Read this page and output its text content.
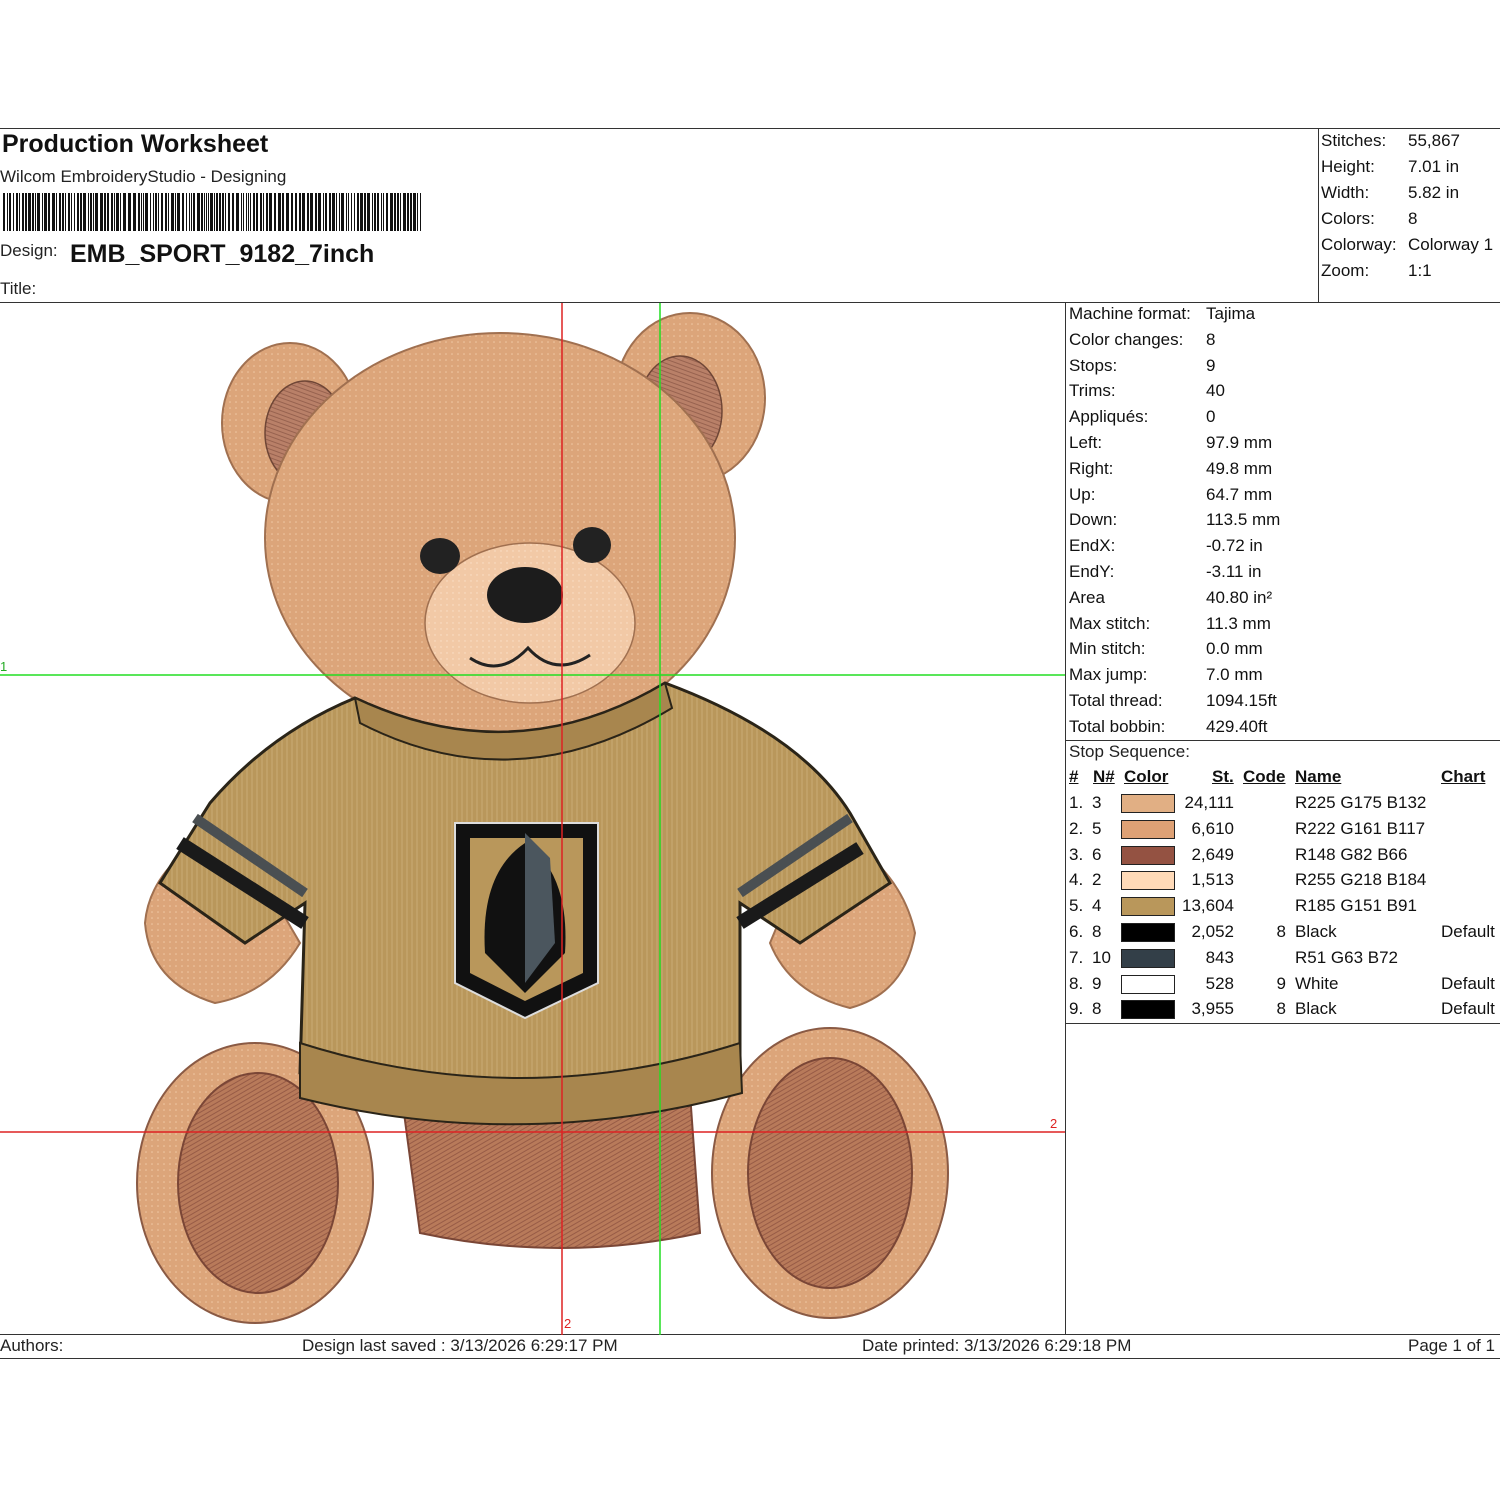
Production Worksheet
Wilcom EmbroideryStudio - Designing
Design: EMB_SPORT_9182_7inch
Title:
Stitches: 55,867
Height: 7.01 in
Width: 5.82 in
Colors: 8
Colorway: Colorway 1
Zoom: 1:1
Machine format: Tajima
Color changes: 8
Stops:	9
Trims:	40
Appliqués:	0
Left:	97.9 mm
Right:	49.8 mm
Up:	64.7 mm
Down:	113.5 mm
EndX:	-0.72 in
EndY:	-3.11 in
Area	40.80 in²
Max stitch:	11.3 mm
Min stitch:	0.0 mm
Max jump:	7.0 mm
Total thread:	1094.15ft
Total bobbin: 429.40ft
Stop Sequence:
# N# Color	St. Code Name	Chart
1. 3	24,111	R225 G175 B132
2. 5	6,610	R222 G161 B117
3. 6	2,649	R148 G82 B66
4. 2	1,513	R255 G218 B184
5. 4	13,604	R185 G151 B91
6. 8	2,052	8 Black	Default
7. 10	843	R51 G63 B72
8. 9	528	9 White	Default
9. 8	3,955	8 Black	Default
1
2
2
Authors:	Design last saved : 3/13/2026 6:29:17 PM	Date printed: 3/13/2026 6:29:18 PM	Page 1 of 1
